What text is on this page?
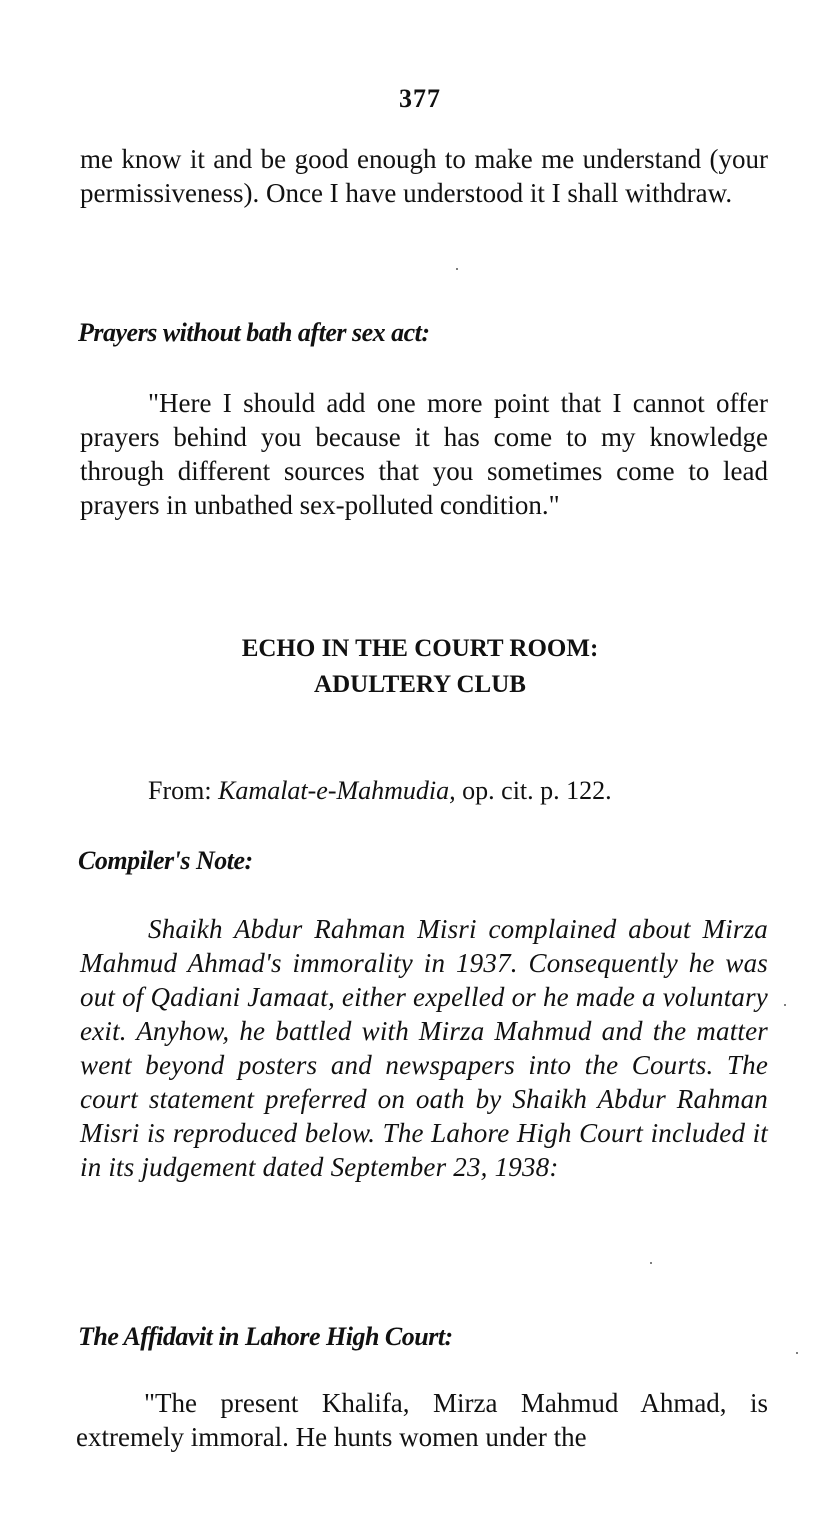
377

me know it and be good enough to make me understand (your permissiveness). Once I have understood it I shall withdraw.

Prayers without bath after sex act:

"Here I should add one more point that I cannot offer prayers behind you because it has come to my knowledge through different sources that you sometimes come to lead prayers in unbathed sex-polluted condition."

ECHO IN THE COURT ROOM:
ADULTERY CLUB
From: Kamalat-e-Mahmudia, op. cit. p. 122.
Compiler's Note:

Shaikh Abdur Rahman Misri complained about Mirza Mahmud Ahmad's immorality in 1937. Consequently he was out of Qadiani Jamaat, either expelled or he made a voluntary exit. Anyhow, he battled with Mirza Mahmud and the matter went beyond posters and newspapers into the Courts. The court statement preferred on oath by Shaikh Abdur Rahman Misri is reproduced below. The Lahore High Court included it in its judgement dated September 23, 1938:

The Affidavit in Lahore High Court:

"The present Khalifa, Mirza Mahmud Ahmad, is extremely immoral. He hunts women under the
